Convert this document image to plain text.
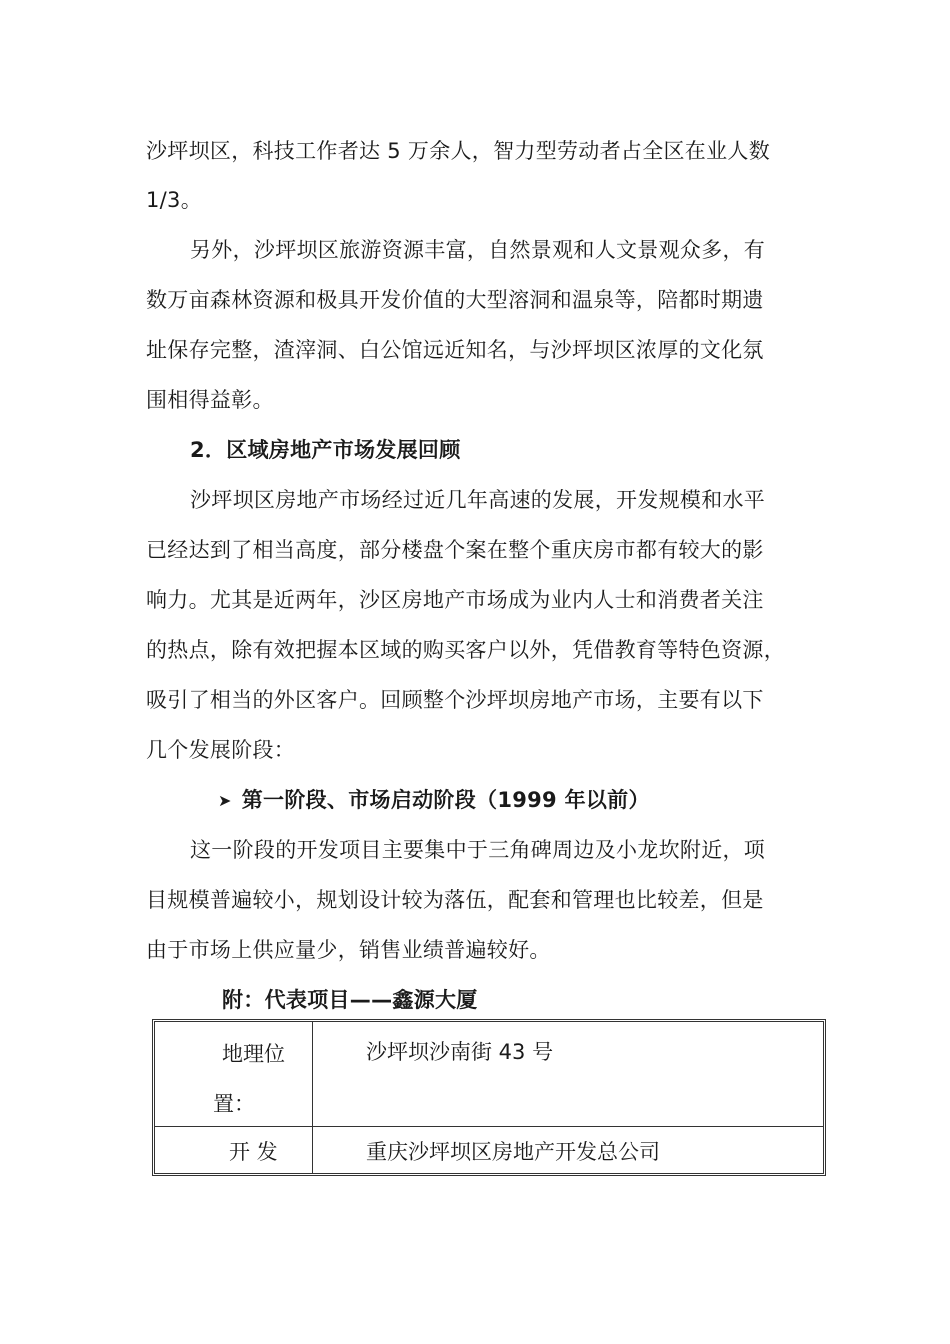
沙坪坝区，科技工作者达 5 万余人，智力型劳动者占全区在业人数
1/3。
另外，沙坪坝区旅游资源丰富，自然景观和人文景观众多，有
数万亩森林资源和极具开发价值的大型溶洞和温泉等，陪都时期遗
址保存完整，渣滓洞、白公馆远近知名，与沙坪坝区浓厚的文化氛
围相得益彰。
2．区域房地产市场发展回顾
沙坪坝区房地产市场经过近几年高速的发展，开发规模和水平
已经达到了相当高度，部分楼盘个案在整个重庆房市都有较大的影
响力。尤其是近两年，沙区房地产市场成为业内人士和消费者关注
的热点，除有效把握本区域的购买客户以外，凭借教育等特色资源，
吸引了相当的外区客户。回顾整个沙坪坝房地产市场，主要有以下
几个发展阶段：
➤ 第一阶段、市场启动阶段（1999 年以前）
这一阶段的开发项目主要集中于三角碑周边及小龙坎附近，项
目规模普遍较小，规划设计较为落伍，配套和管理也比较差，但是
由于市场上供应量少，销售业绩普遍较好。
附：代表项目——鑫源大厦
地理位
置：
沙坪坝沙南街 43 号
开 发	重庆沙坪坝区房地产开发总公司
